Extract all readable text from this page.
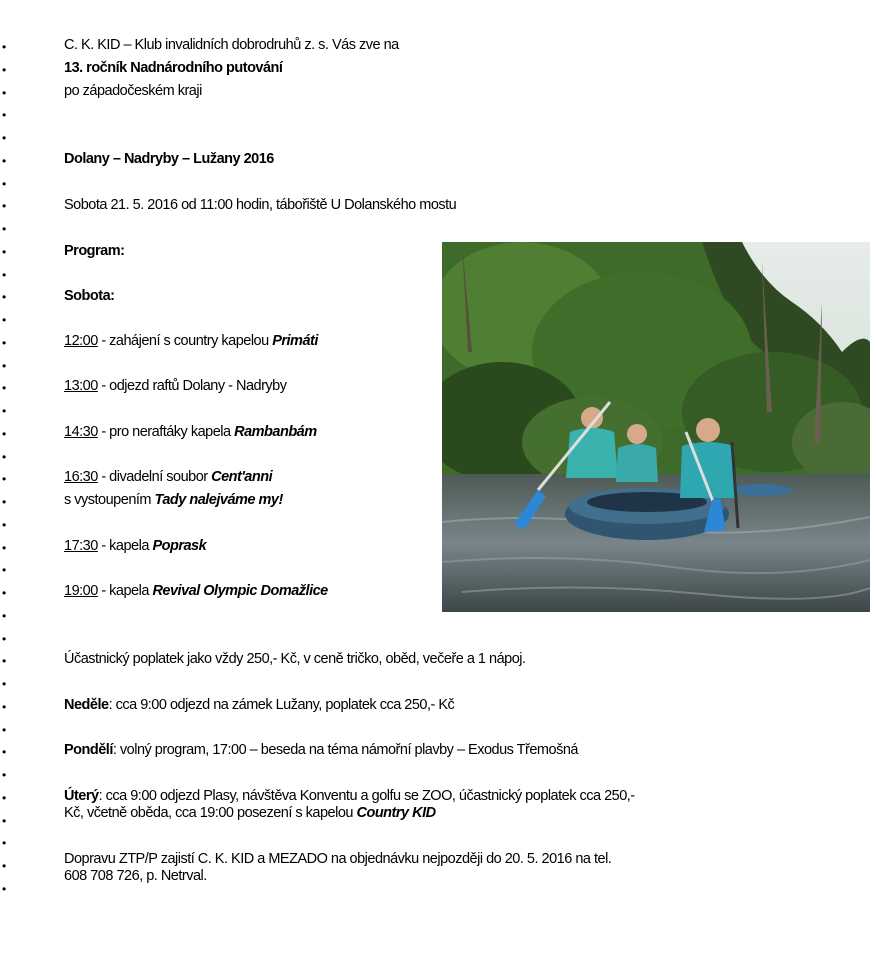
•
•
•
•
•
•
•
•
•
•
•
•
•
•
•
•
•
•
•
•
•
•
•
•
•
•
•
•
•
•
•
•
•
•
•
•
•
•
C. K. KID – Klub invalidních dobrodruhů z. s. Vás zve na
13. ročník Nadnárodního putování
po západočeském kraji
Dolany – Nadryby – Lužany 2016
Sobota 21. 5. 2016 od 11:00 hodin, tábořiště U Dolanského mostu
Program:
Sobota:
12:00 - zahájení s country kapelou Primáti
13:00 - odjezd raftů Dolany - Nadryby
14:30 - pro neraftáky kapela Rambanbám
16:30 - divadelní soubor Cent'anni
s vystoupením Tady nalejváme my!
17:30 - kapela Poprask
19:00 - kapela Revival Olympic Domažlice
Účastnický poplatek jako vždy 250,- Kč, v ceně tričko, oběd, večeře a 1 nápoj.
Neděle: cca 9:00 odjezd na zámek Lužany, poplatek cca 250,- Kč
Pondělí: volný program, 17:00 – beseda na téma námořní plavby – Exodus Třemošná
Úterý: cca 9:00 odjezd Plasy, návštěva Konventu a golfu se ZOO, účastnický poplatek cca 250,-
Kč, včetně oběda, cca 19:00 posezení s kapelou Country KID
Dopravu ZTP/P zajistí C. K. KID a MEZADO na objednávku nejpozději do 20. 5. 2016 na tel.
608 708 726, p. Netrval.
